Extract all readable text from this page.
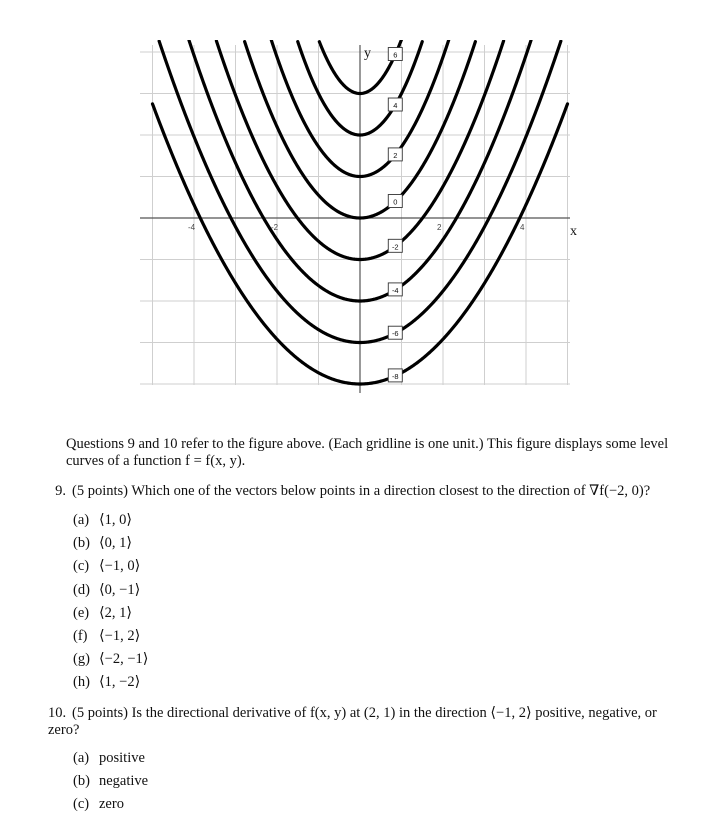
-4	-2	2	4
6
4
2
0
-2
-4
-6
-8
x
y
Questions 9 and 10 refer to the figure above. (Each gridline is one unit.) This figure displays some level curves of a function f = f(x, y).
9. (5 points) Which one of the vectors below points in a direction closest to the direction of ∇f(−2, 0)?
(a) ⟨1, 0⟩
(b) ⟨0, 1⟩
(c) ⟨−1, 0⟩
(d) ⟨0, −1⟩
(e) ⟨2, 1⟩
(f) ⟨−1, 2⟩
(g) ⟨−2, −1⟩
(h) ⟨1, −2⟩
10. (5 points) Is the directional derivative of f(x, y) at (2, 1) in the direction ⟨−1, 2⟩ positive, negative, or zero?
(a) positive
(b) negative
(c) zero
